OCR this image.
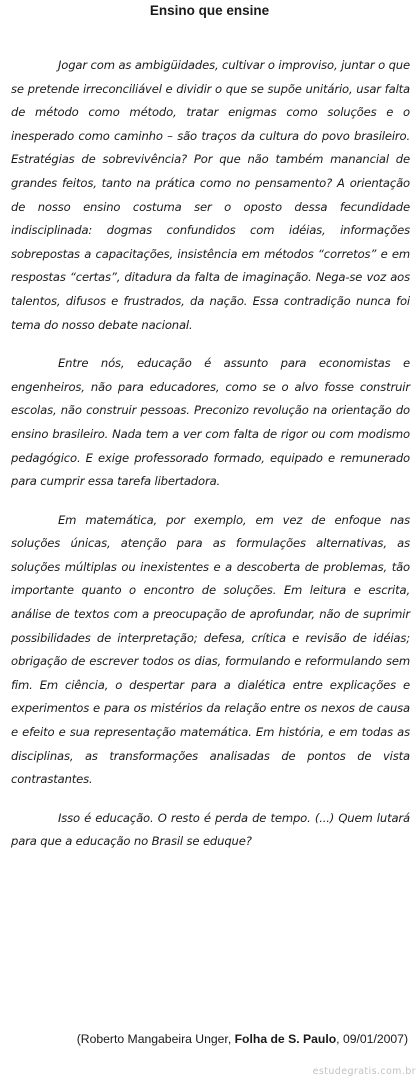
Ensino que ensine

Jogar com as ambigüidades, cultivar o improviso, juntar o que se pretende irreconciliável e dividir o que se supõe unitário, usar falta de método como método, tratar enigmas como soluções e o inesperado como caminho – são traços da cultura do povo brasileiro. Estratégias de sobrevivência? Por que não também manancial de grandes feitos, tanto na prática como no pensamento? A orientação de nosso ensino costuma ser o oposto dessa fecundidade indisciplinada: dogmas confundidos com idéias, informações sobrepostas a capacitações, insistência em métodos “corretos” e em respostas “certas”, ditadura da falta de imaginação. Nega-se voz aos talentos, difusos e frustrados, da nação. Essa contradição nunca foi tema do nosso debate nacional.

Entre nós, educação é assunto para economistas e engenheiros, não para educadores, como se o alvo fosse construir escolas, não construir pessoas. Preconizo revolução na orientação do ensino brasileiro. Nada tem a ver com falta de rigor ou com modismo pedagógico. E exige professorado formado, equipado e remunerado para cumprir essa tarefa libertadora.

Em matemática, por exemplo, em vez de enfoque nas soluções únicas, atenção para as formulações alternativas, as soluções múltiplas ou inexistentes e a descoberta de problemas, tão importante quanto o encontro de soluções. Em leitura e escrita, análise de textos com a preocupação de aprofundar, não de suprimir possibilidades de interpretação; defesa, crítica e revisão de idéias; obrigação de escrever todos os dias, formulando e reformulando sem fim. Em ciência, o despertar para a dialética entre explicações e experimentos e para os mistérios da relação entre os nexos de causa e efeito e sua representação matemática. Em história, e em todas as disciplinas, as transformações analisadas de pontos de vista contrastantes.

Isso é educação. O resto é perda de tempo. (...) Quem lutará para que a educação no Brasil se eduque?

(Roberto Mangabeira Unger, Folha de S. Paulo, 09/01/2007)
estudegratis.com.br
